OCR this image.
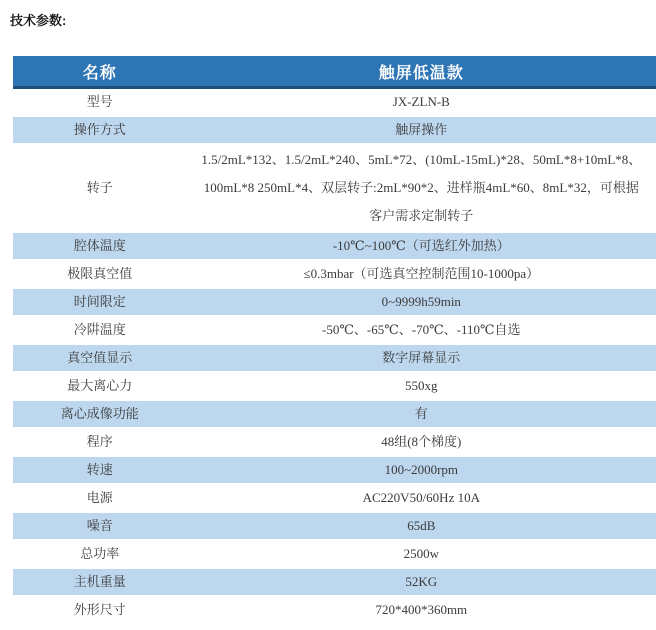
技术参数:
名称	触屏低温款
型号	JX-ZLN-B
操作方式	触屏操作
转子	1.5/2mL*132、1.5/2mL*240、5mL*72、(10mL-15mL)*28、50mL*8+10mL*8、100mL*8 250mL*4、双层转子:2mL*90*2、进样瓶4mL*60、8mL*32，可根据客户需求定制转子
腔体温度	-10℃~100℃（可选红外加热）
极限真空值	≤0.3mbar（可选真空控制范围10-1000pa）
时间限定	0~9999h59min
冷阱温度	-50℃、-65℃、-70℃、-110℃自选
真空值显示	数字屏幕显示
最大离心力	550xg
离心成像功能	有
程序	48组(8个梯度)
转速	100~2000rpm
电源	AC220V50/60Hz 10A
噪音	65dB
总功率	2500w
主机重量	52KG
外形尺寸	720*400*360mm
